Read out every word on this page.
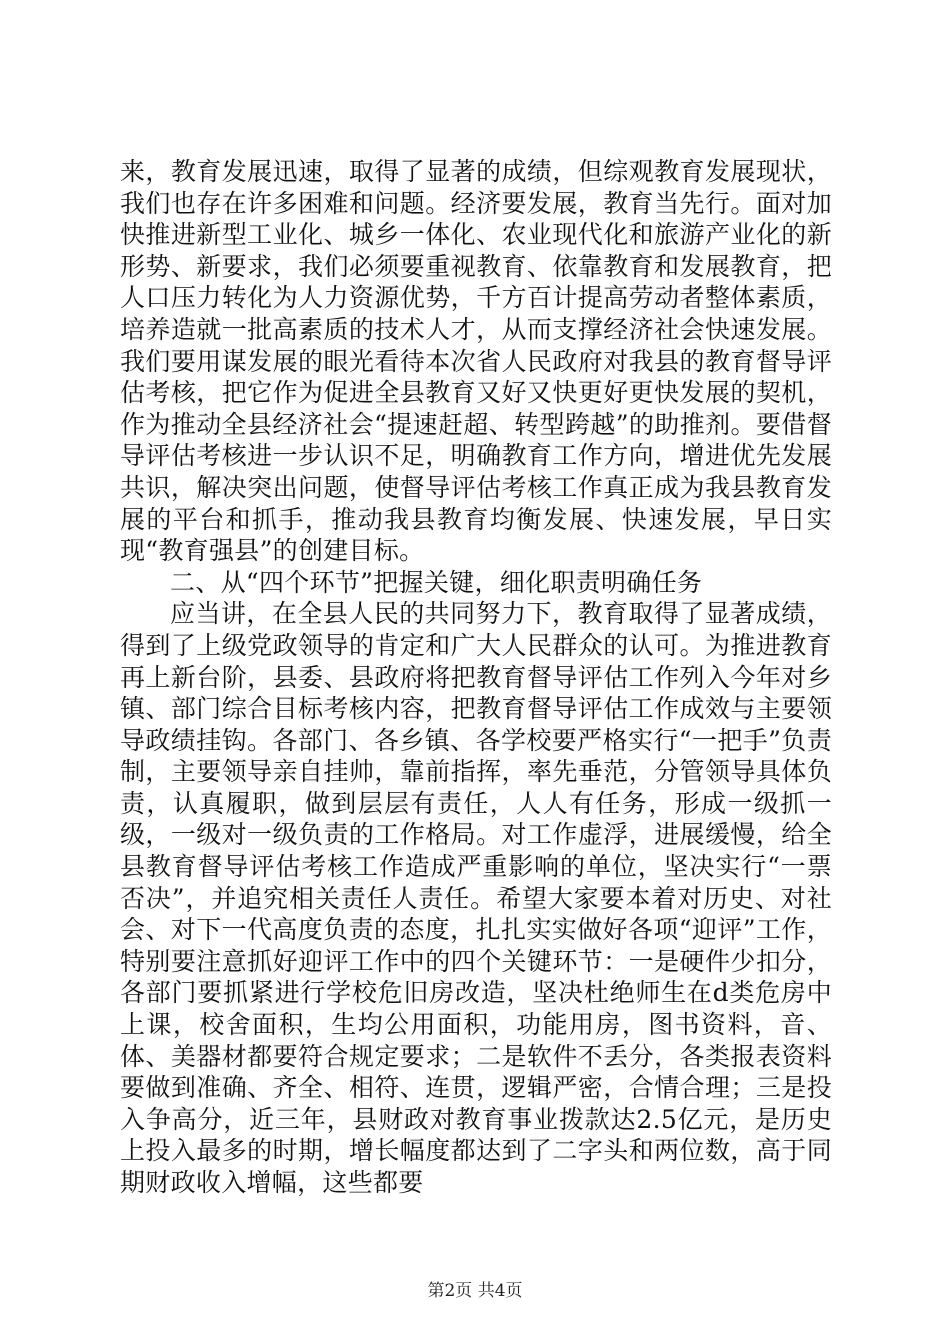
来，教育发展迅速，取得了显著的成绩，但综观教育发展现状，我们也存在许多困难和问题。经济要发展，教育当先行。面对加快推进新型工业化、城乡一体化、农业现代化和旅游产业化的新形势、新要求，我们必须要重视教育、依靠教育和发展教育，把人口压力转化为人力资源优势，千方百计提高劳动者整体素质，培养造就一批高素质的技术人才，从而支撑经济社会快速发展。我们要用谋发展的眼光看待本次省人民政府对我县的教育督导评估考核，把它作为促进全县教育又好又快更好更快发展的契机，作为推动全县经济社会“提速赶超、转型跨越”的助推剂。要借督导评估考核进一步认识不足，明确教育工作方向，增进优先发展共识，解决突出问题，使督导评估考核工作真正成为我县教育发展的平台和抓手，推动我县教育均衡发展、快速发展，早日实现“教育强县”的创建目标。

二、从“四个环节”把握关键，细化职责明确任务

应当讲，在全县人民的共同努力下，教育取得了显著成绩，得到了上级党政领导的肯定和广大人民群众的认可。为推进教育再上新台阶，县委、县政府将把教育督导评估工作列入今年对乡镇、部门综合目标考核内容，把教育督导评估工作成效与主要领导政绩挂钩。各部门、各乡镇、各学校要严格实行“一把手”负责制，主要领导亲自挂帅，靠前指挥，率先垂范，分管领导具体负责，认真履职，做到层层有责任，人人有任务，形成一级抓一级，一级对一级负责的工作格局。对工作虚浮，进展缓慢，给全县教育督导评估考核工作造成严重影响的单位，坚决实行“一票否决”，并追究相关责任人责任。希望大家要本着对历史、对社会、对下一代高度负责的态度，扎扎实实做好各项“迎评”工作，特别要注意抓好迎评工作中的四个关键环节：一是硬件少扣分，各部门要抓紧进行学校危旧房改造，坚决杜绝师生在d类危房中上课，校舍面积，生均公用面积，功能用房，图书资料，音、体、美器材都要符合规定要求；二是软件不丢分，各类报表资料要做到准确、齐全、相符、连贯，逻辑严密，合情合理；三是投入争高分，近三年，县财政对教育事业拨款达2.5亿元，是历史上投入最多的时期，增长幅度都达到了二字头和两位数，高于同期财政收入增幅，这些都要

第2页 共4页
